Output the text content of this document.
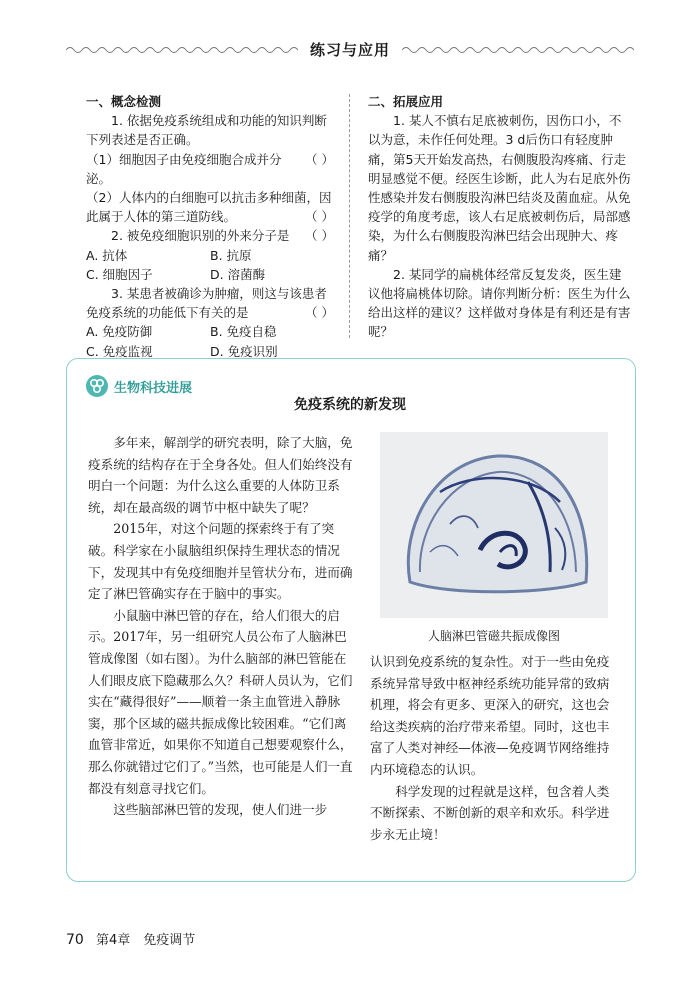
练习与应用

一、概念检测

1. 依据免疫系统组成和功能的知识判断下列表述是否正确。

（1）细胞因子由免疫细胞合成并分泌。
（ ）

（2）人体内的白细胞可以抗击多种细菌，因此属于人体的第三道防线。	（ ）
2. 被免疫细胞识别的外来分子是	（ ）
A. 抗体	B. 抗原
C. 细胞因子	D. 溶菌酶

3. 某患者被确诊为肿瘤，则这与该患者免疫系统的功能低下有关的是	（ ）
A. 免疫防御	B. 免疫自稳
C. 免疫监视	D. 免疫识别

二、拓展应用

1. 某人不慎右足底被刺伤，因伤口小，不以为意，未作任何处理。3 d后伤口有轻度肿痛，第5天开始发高热，右侧腹股沟疼痛、行走明显感觉不便。经医生诊断，此人为右足底外伤性感染并发右侧腹股沟淋巴结炎及菌血症。从免疫学的角度考虑，该人右足底被刺伤后，局部感染，为什么右侧腹股沟淋巴结会出现肿大、疼痛？

2. 某同学的扁桃体经常反复发炎，医生建议他将扁桃体切除。请你判断分析：医生为什么给出这样的建议？这样做对身体是有利还是有害呢？

生物科技进展
免疫系统的新发现

多年来，解剖学的研究表明，除了大脑，免疫系统的结构存在于全身各处。但人们始终没有明白一个问题：为什么这么重要的人体防卫系统，却在最高级的调节中枢中缺失了呢？

2015年，对这个问题的探索终于有了突破。科学家在小鼠脑组织保持生理状态的情况下，发现其中有免疫细胞并呈管状分布，进而确定了淋巴管确实存在于脑中的事实。

小鼠脑中淋巴管的存在，给人们很大的启示。2017年，另一组研究人员公布了人脑淋巴管成像图（如右图）。为什么脑部的淋巴管能在人们眼皮底下隐藏那么久？科研人员认为，它们实在“藏得很好”——顺着一条主血管进入静脉窦，那个区域的磁共振成像比较困难。“它们离血管非常近，如果你不知道自己想要观察什么，那么你就错过它们了。”当然，也可能是人们一直都没有刻意寻找它们。

这些脑部淋巴管的发现，使人们进一步

人脑淋巴管磁共振成像图

认识到免疫系统的复杂性。对于一些由免疫系统异常导致中枢神经系统功能异常的致病机理，将会有更多、更深入的研究，这也会给这类疾病的治疗带来希望。同时，这也丰富了人类对神经—体液—免疫调节网络维持内环境稳态的认识。

科学发现的过程就是这样，包含着人类不断探索、不断创新的艰辛和欢乐。科学进步永无止境！

70 第4章　免疫调节
